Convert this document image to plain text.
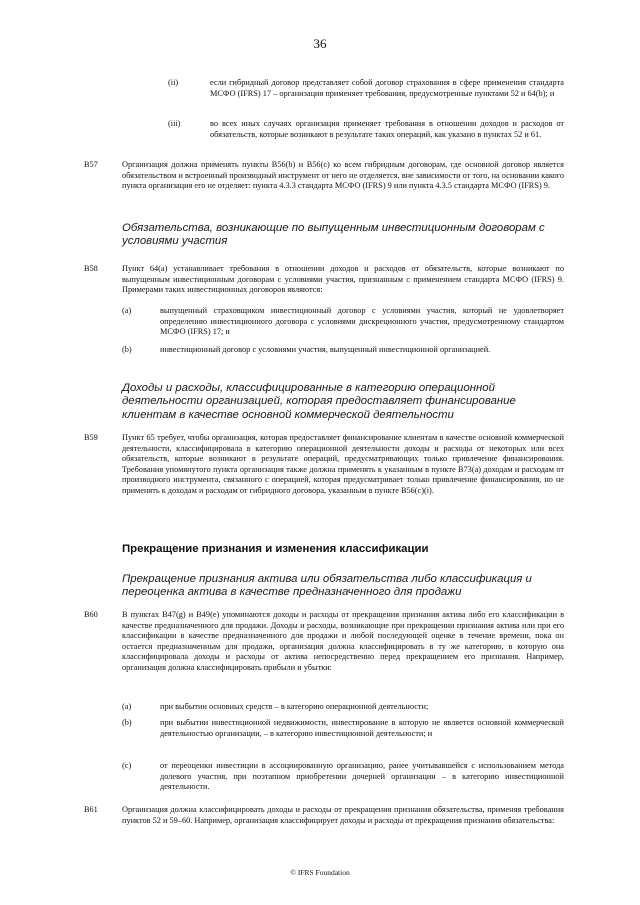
36
(ii)	если гибридный договор представляет собой договор страхования в сфере применения стандарта МСФО (IFRS) 17 – организация применяет требования, предусмотренные пунктами 52 и 64(b); и
(iii)	во всех иных случаях организация применяет требования в отношении доходов и расходов от обязательств, которые возникают в результате таких операций, как указано в пунктах 52 и 61.
B57	Организация должна применять пункты B56(b) и B56(c) ко всем гибридным договорам, где основной договор является обязательством и встроенный производный инструмент от него не отделяется, вне зависимости от того, на основании какого пункта организация его не отделяет: пункта 4.3.3 стандарта МСФО (IFRS) 9 или пункта 4.3.5 стандарта МСФО (IFRS) 9.
Обязательства, возникающие по выпущенным инвестиционным договорам с условиями участия
B58	Пункт 64(a) устанавливает требования в отношении доходов и расходов от обязательств, которые возникают по выпущенным инвестиционным договорам с условиями участия, признанным с применением стандарта МСФО (IFRS) 9. Примерами таких инвестиционных договоров являются:
(a)	выпущенный страховщиком инвестиционный договор с условиями участия, который не удовлетворяет определению инвестиционного договора с условиями дискреционного участия, предусмотренному стандартом МСФО (IFRS) 17; и
(b)	инвестиционный договор с условиями участия, выпущенный инвестиционной организацией.
Доходы и расходы, классифицированные в категорию операционной деятельности организацией, которая предоставляет финансирование клиентам в качестве основной коммерческой деятельности
B59	Пункт 65 требует, чтобы организация, которая предоставляет финансирование клиентам в качестве основной коммерческой деятельности, классифицировала в категорию операционной деятельности доходы и расходы от некоторых или всех обязательств, которые возникают в результате операций, предусматривающих только привлечение финансирования. Требования упомянутого пункта организация также должна применять к указанным в пункте B73(a) доходам и расходам от производного инструмента, связанного с операцией, которая предусматривает только привлечение финансирования, но не применять к доходам и расходам от гибридного договора, указанным в пункте B56(c)(i).
Прекращение признания и изменения классификации
Прекращение признания актива или обязательства либо классификация и переоценка актива в качестве предназначенного для продажи
B60	В пунктах B47(g) и B49(e) упоминаются доходы и расходы от прекращения признания актива либо его классификации в качестве предназначенного для продажи. Доходы и расходы, возникающие при прекращении признания актива или при его классификации в качестве предназначенного для продажи и любой последующей оценке в течение времени, пока он остается предназначенным для продажи, организация должна классифицировать в ту же категорию, в которую она классифицировала доходы и расходы от актива непосредственно перед прекращением его признания. Например, организация должна классифицировать прибыли и убытки:
(a)	при выбытии основных средств – в категорию операционной деятельности;
(b)	при выбытии инвестиционной недвижимости, инвестирование в которую не является основной коммерческой деятельностью организации, – в категорию инвестиционной деятельности; и
(c)	от переоценки инвестиции в ассоциированную организацию, ранее учитывавшейся с использованием метода долевого участия, при поэтапном приобретении дочерней организации – в категорию инвестиционной деятельности.
B61	Организация должна классифицировать доходы и расходы от прекращения признания обязательства, применяя требования пунктов 52 и 59–60. Например, организация классифицирует доходы и расходы от прекращения признания обязательства:
© IFRS Foundation
